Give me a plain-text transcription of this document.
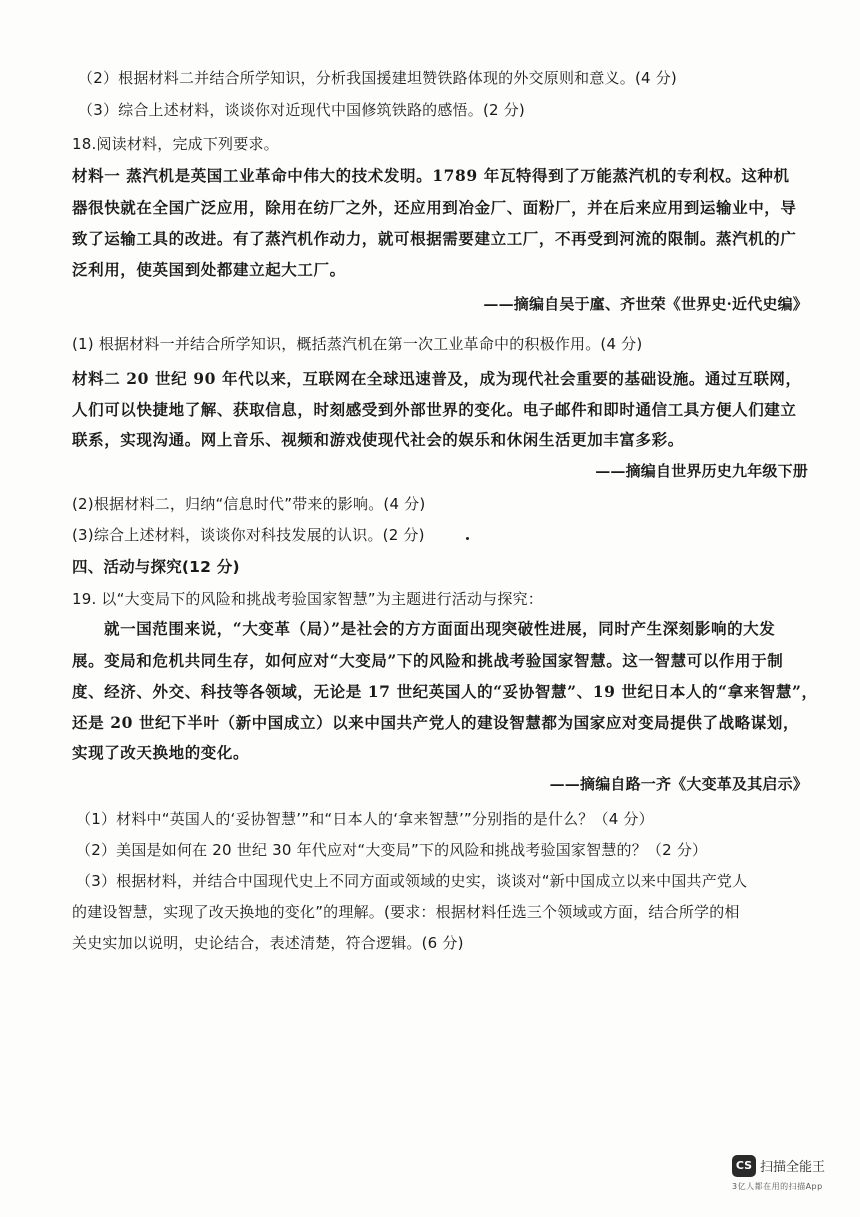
（2）根据材料二并结合所学知识，分析我国援建坦赞铁路体现的外交原则和意义。(4 分)
（3）综合上述材料，谈谈你对近现代中国修筑铁路的感悟。(2 分)
18.阅读材料，完成下列要求。
材料一 蒸汽机是英国工业革命中伟大的技术发明。1789 年瓦特得到了万能蒸汽机的专利权。这种机
器很快就在全国广泛应用，除用在纺厂之外，还应用到冶金厂、面粉厂，并在后来应用到运输业中，导
致了运输工具的改进。有了蒸汽机作动力，就可根据需要建立工厂，不再受到河流的限制。蒸汽机的广
泛利用，使英国到处都建立起大工厂。
——摘编自吴于廑、齐世荣《世界史·近代史编》
(1) 根据材料一并结合所学知识，概括蒸汽机在第一次工业革命中的积极作用。(4 分)
材料二 20 世纪 90 年代以来，互联网在全球迅速普及，成为现代社会重要的基础设施。通过互联网，
人们可以快捷地了解、获取信息，时刻感受到外部世界的变化。电子邮件和即时通信工具方便人们建立
联系，实现沟通。网上音乐、视频和游戏使现代社会的娱乐和休闲生活更加丰富多彩。
——摘编自世界历史九年级下册
(2)根据材料二，归纳“信息时代”带来的影响。(4 分)
(3)综合上述材料，谈谈你对科技发展的认识。(2 分)
四、活动与探究(12 分)
19. 以“大变局下的风险和挑战考验国家智慧”为主题进行活动与探究：
就一国范围来说，“大变革（局）”是社会的方方面面出现突破性进展，同时产生深刻影响的大发
展。变局和危机共同生存，如何应对“大变局”下的风险和挑战考验国家智慧。这一智慧可以作用于制
度、经济、外交、科技等各领域，无论是 17 世纪英国人的“妥协智慧”、19 世纪日本人的“拿来智慧”，
还是 20 世纪下半叶（新中国成立）以来中国共产党人的建设智慧都为国家应对变局提供了战略谋划，
实现了改天换地的变化。
——摘编自路一齐《大变革及其启示》
（1）材料中“英国人的‘妥协智慧’”和“日本人的‘拿来智慧’”分别指的是什么？（4 分）
（2）美国是如何在 20 世纪 30 年代应对“大变局”下的风险和挑战考验国家智慧的？（2 分）
（3）根据材料，并结合中国现代史上不同方面或领域的史实，谈谈对“新中国成立以来中国共产党人
的建设智慧，实现了改天换地的变化”的理解。(要求：根据材料任选三个领域或方面，结合所学的相
关史实加以说明，史论结合，表述清楚，符合逻辑。(6 分)
CS 扫描全能王
3亿人都在用的扫描App
